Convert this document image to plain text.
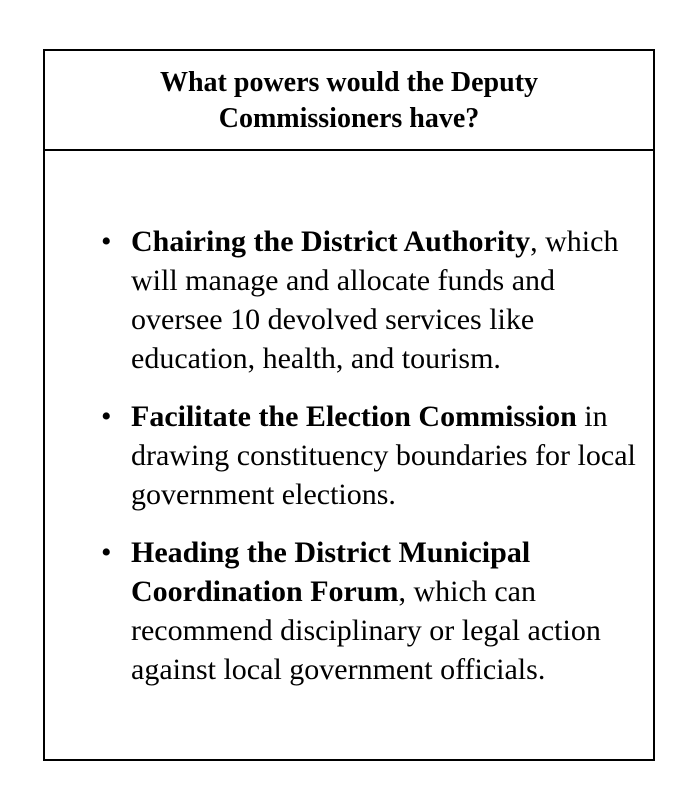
What powers would the Deputy Commissioners have?
• Chairing the District Authority, which will manage and allocate funds and oversee 10 devolved services like education, health, and tourism.
• Facilitate the Election Commission in drawing constituency boundaries for local government elections.
• Heading the District Municipal Coordination Forum, which can recommend disciplinary or legal action against local government officials.
